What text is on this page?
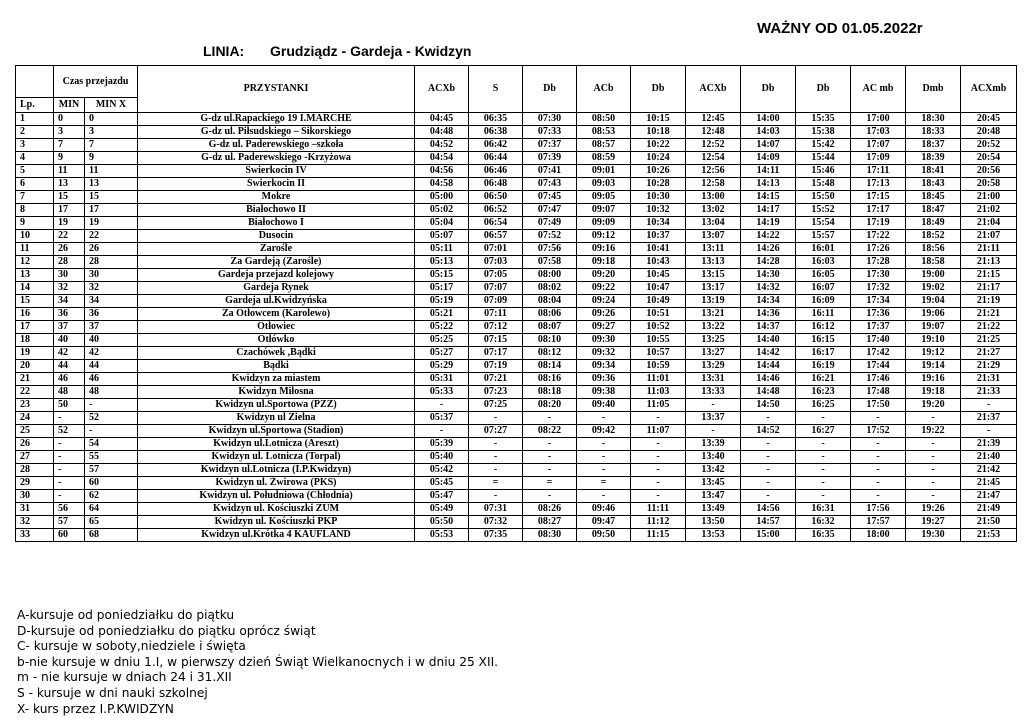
WAŻNY OD 01.05.2022r
LINIA: Grudziądz - Gardeja - Kwidzyn
	Czas przejazdu		PRZYSTANKI	ACXb	S	Db	ACb	Db	ACXb	Db	Db	AC mb	Dmb	ACXmb
Lp.	MIN	MIN X												
1	0	0	G-dz ul.Rapackiego 19 I.MARCHE	04:45	06:35	07:30	08:50	10:15	12:45	14:00	15:35	17:00	18:30	20:45
2	3	3	G-dz ul. Piłsudskiego – Sikorskiego	04:48	06:38	07:33	08:53	10:18	12:48	14:03	15:38	17:03	18:33	20:48
3	7	7	G-dz ul. Paderewskiego –szkoła	04:52	06:42	07:37	08:57	10:22	12:52	14:07	15:42	17:07	18:37	20:52
4	9	9	G-dz ul. Paderewskiego -Krzyżowa	04:54	06:44	07:39	08:59	10:24	12:54	14:09	15:44	17:09	18:39	20:54
5	11	11	Świerkocin IV	04:56	06:46	07:41	09:01	10:26	12:56	14:11	15:46	17:11	18:41	20:56
6	13	13	Świerkocin II	04:58	06:48	07:43	09:03	10:28	12:58	14:13	15:48	17:13	18:43	20:58
7	15	15	Mokre	05:00	06:50	07:45	09:05	10:30	13:00	14:15	15:50	17:15	18:45	21:00
8	17	17	Białochowo II	05:02	06:52	07:47	09:07	10:32	13:02	14:17	15:52	17:17	18:47	21:02
9	19	19	Białochowo I	05:04	06:54	07:49	09:09	10:34	13:04	14:19	15:54	17:19	18:49	21:04
10	22	22	Dusocin	05:07	06:57	07:52	09:12	10:37	13:07	14:22	15:57	17:22	18:52	21:07
11	26	26	Zarośle	05:11	07:01	07:56	09:16	10:41	13:11	14:26	16:01	17:26	18:56	21:11
12	28	28	Za Gardeją (Zarośle)	05:13	07:03	07:58	09:18	10:43	13:13	14:28	16:03	17:28	18:58	21:13
13	30	30	Gardeja przejazd kolejowy	05:15	07:05	08:00	09:20	10:45	13:15	14:30	16:05	17:30	19:00	21:15
14	32	32	Gardeja Rynek	05:17	07:07	08:02	09:22	10:47	13:17	14:32	16:07	17:32	19:02	21:17
15	34	34	Gardeja ul.Kwidzyńska	05:19	07:09	08:04	09:24	10:49	13:19	14:34	16:09	17:34	19:04	21:19
16	36	36	Za Otłowcem (Karolewo)	05:21	07:11	08:06	09:26	10:51	13:21	14:36	16:11	17:36	19:06	21:21
17	37	37	Otłowiec	05:22	07:12	08:07	09:27	10:52	13:22	14:37	16:12	17:37	19:07	21:22
18	40	40	Otłówko	05:25	07:15	08:10	09:30	10:55	13:25	14:40	16:15	17:40	19:10	21:25
19	42	42	Czachówek ,Bądki	05:27	07:17	08:12	09:32	10:57	13:27	14:42	16:17	17:42	19:12	21:27
20	44	44	Bądki	05:29	07:19	08:14	09:34	10:59	13:29	14:44	16:19	17:44	19:14	21:29
21	46	46	Kwidzyn za miastem	05:31	07:21	08:16	09:36	11:01	13:31	14:46	16:21	17:46	19:16	21:31
22	48	48	Kwidzyn Miłosna	05:33	07:23	08:18	09:38	11:03	13:33	14:48	16:23	17:48	19:18	21:33
23	50	-	Kwidzyn ul.Sportowa (PZZ)	-	07:25	08:20	09:40	11:05	-	14:50	16:25	17:50	19:20	-
24	-	52	Kwidzyn ul Zielna	05:37	-	-	-	-	13:37	-	-	-	-	21:37
25	52	-	Kwidzyn ul.Sportowa (Stadion)	-	07:27	08:22	09:42	11:07	-	14:52	16:27	17:52	19:22	-
26	-	54	Kwidzyn ul.Lotnicza (Areszt)	05:39	-	-	-	-	13:39	-	-	-	-	21:39
27	-	55	Kwidzyn ul. Lotnicza (Torpal)	05:40	-	-	-	-	13:40	-	-	-	-	21:40
28	-	57	Kwidzyn ul.Lotnicza (I.P.Kwidzyn)	05:42	-	-	-	-	13:42	-	-	-	-	21:42
29	-	60	Kwidzyn ul. Żwirowa (PKS)	05:45	=	=	=	-	13:45	-	-	-	-	21:45
30	-	62	Kwidzyn ul. Południowa (Chłodnia)	05:47	-	-	-	-	13:47	-	-	-	-	21:47
31	56	64	Kwidzyn ul. Kościuszki ZUM	05:49	07:31	08:26	09:46	11:11	13:49	14:56	16:31	17:56	19:26	21:49
32	57	65	Kwidzyn ul. Kościuszki PKP	05:50	07:32	08:27	09:47	11:12	13:50	14:57	16:32	17:57	19:27	21:50
33	60	68	Kwidzyn ul.Krótka 4 KAUFLAND	05:53	07:35	08:30	09:50	11:15	13:53	15:00	16:35	18:00	19:30	21:53
A-kursuje od poniedziałku do piątku
D-kursuje od poniedziałku do piątku oprócz świąt
C- kursuje w soboty,niedziele i święta
b-nie kursuje w dniu 1.I, w pierwszy dzień Świąt Wielkanocnych i w dniu 25 XII.
m - nie kursuje w dniach 24 i 31.XII
S - kursuje w dni nauki szkolnej
X- kurs przez I.P.KWIDZYN
